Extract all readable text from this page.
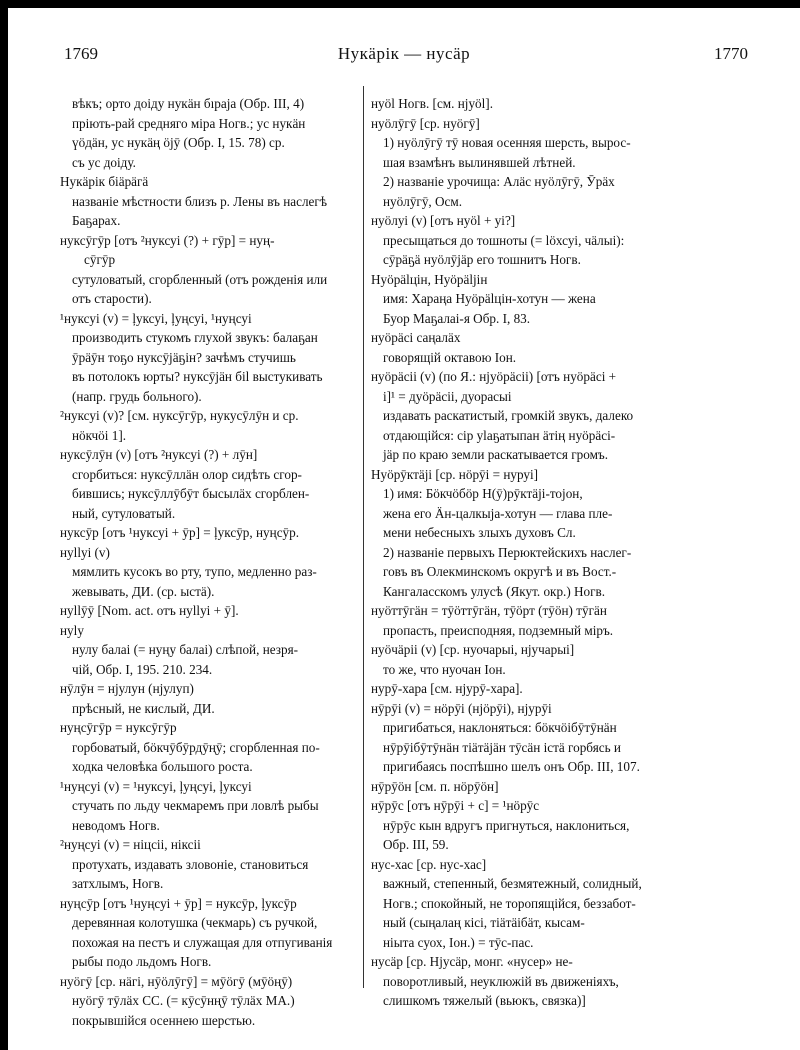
1769	Нукäрік — нусäр	1770
вѣкъ; орто доіду нукäн бıраја (Обр. III, 4)
прiють-рай средняго міра Ногв.; ус нукäн
үöдäн, ус нукäң öјӯ (Обр. I, 15. 78) ср.
съ ус доіду.
Нукäрік біäрäгä
названіе мѣстности близъ р. Лены въ наслегѣ
Баҕарах.
нуксӯгӯр [отъ ²нуксуі (?) + гӯр] = нуң-
сӯгӯр
сутуловатый, сгорбленный (отъ рожденія или
отъ старости).
¹нуксуі (v) = ļуксуі, ļуңсуі, ¹нуңсуі
производить стукомъ глухой звукъ: балаҕан
ӯрäӯн тоҕо нуксӯјäҕін? зачѣмъ стучишь
въ потолокъ юрты? нуксӯјäн біl выстукивать
(напр. грудь больного).
²нуксуі (v)? [см. нуксӯгӯр, нукусӯлӯн и ср.
нöкчöі 1].
нуксӯлӯн (v) [отъ ²нуксуі (?) + лӯн]
сгорбиться: нуксӯллäн олор сидѣть сгор-
бившись; нуксӯллӯбӯт бысылäх сгорблен-
ный, сутуловатый.
нуксӯр [отъ ¹нуксуі + ӯр] = ļуксӯр, нуңсӯр.
нуllуі (v)
мямлить кусокъ во рту, тупо, медленно раз-
жевывать, ДИ. (ср. ыстä).
нуllӯӯ [Nom. act. отъ нуllуі + ӯ].
нуlу
нулу балаі (= нуңу балаі) слѣпой, незря-
чій, Обр. I, 195. 210. 234.
нӯлӯн = нјулун (нјулуп)
прѣсный, не кислый, ДИ.
нуңсӯгӯр = нуксӯгӯр
горбоватый, бöкчӯбӯрдӯңӯ; сгорбленная по-
ходка человѣка большого роста.
¹нуңсуі (v) = ¹нуксуі, ļуңсуі, ļуксуі
стучать по льду чекмаремъ при ловлѣ рыбы
неводомъ Ногв.
²нуңсуі (v) = ніцсіі, ніксіі
протухать, издавать зловоніе, становиться
затхлымъ, Ногв.
нуңсӯр [отъ ¹нуңсуі + ӯр] = нуксӯр, ļуксӯр
деревянная колотушка (чекмарь) съ ручкой,
похожая на пестъ и служащая для отпугиванія
рыбы подо льдомъ Ногв.
нуöгӯ [ср. нäгі, нӯöлӯгӯ] = мӯöгӯ (мӯöңӯ)
нуöгӯ тӯлäх СС. (= кӯсӯнңӯ тӯлäх МА.)
покрывшійся осеннею шерстью.
нуöl Ногв. [см. нјуöl].
нуöлӯгӯ [ср. нуöгӯ]
1) нуöлӯгӯ тӯ новая осенняя шерсть, вырос-
шая взамѣнъ вылинявшей лѣтней.
2) названіе урочища: Алäс нуöлӯгӯ, Ӯрäх
нуöлӯгӯ, Осм.
нуöлуі (v) [отъ нуöl + уі?]
пресыщаться до тошноты (= löхсуі, чäлыі):
сӯрäҕä нуöлӯјäр его тошнитъ Ногв.
Нуöрälцін, Нуöрäljін
имя: Хараңа Нуöрälцін-хотун — жена
Буор Маҕалаі-я Обр. I, 83.
нуöрäсі саңалäх
говорящій октавою Іон.
нуöрäсіі (v) (по Я.: нјуöрäсіі) [отъ нуöрäсі +
і]¹ = дуöрäсіі, дуорасыі
издавать раскатистый, громкій звукъ, далеко
отдающійся: сір уlаҕатыпан äтің нуöрäсі-
јäр по краю земли раскатывается громъ.
Нуöрӯктäјі [ср. нöрӯі = нуруі]
1) имя: Бöкчöбöр Н(ӯ)рӯктäјі-тојон,
жена его Äн-цалкыја-хотун — глава пле-
мени небесныхъ злыхъ духовъ Сл.
2) названіе первыхъ Перюктейскихъ наслег-
говъ въ Олекминскомъ округѣ и въ Вост.-
Кангаласскомъ улусѣ (Якут. окр.) Ногв.
нуöттӯгäн = тӯöттӯгäн, тӯöрт (тӯöн) тӯгäн
пропасть, преисподняя, подземный міръ.
нуöчäріі (v) [ср. нуочарыі, нјучарыі]
то же, что нуочан Іон.
нурӯ-хара [см. нјурӯ-хара].
нӯрӯі (v) = нöрӯі (нјöрӯі), нјурӯі
пригибаться, наклоняться: бöкчöібӯтӯнäн
нӯрӯібӯтӯнäн тіäтäјäн тӯсäн істä горбясь и
пригибаясь поспѣшно шелъ онъ Обр. III, 107.
нӯрӯöн [см. п. нöрӯöн]
нӯрӯс [отъ нӯрӯі + с] = ¹нöрӯс
нӯрӯс кын вдругъ пригнуться, наклониться,
Обр. III, 59.
нус-хас [ср. нус-хас]
важный, степенный, безмятежный, солидный,
Ногв.; спокойный, не торопящійся, беззабот-
ный (сыңалаң кісі, тіäтäібäт, кысам-
ніыта суох, Іон.) = тӯс-пас.
нусäр [ср. Нјусäр, монг. «нусер» не-
поворотливый, неуклюжій въ движеніяхъ,
слишкомъ тяжелый (вьюкъ, связка)]
